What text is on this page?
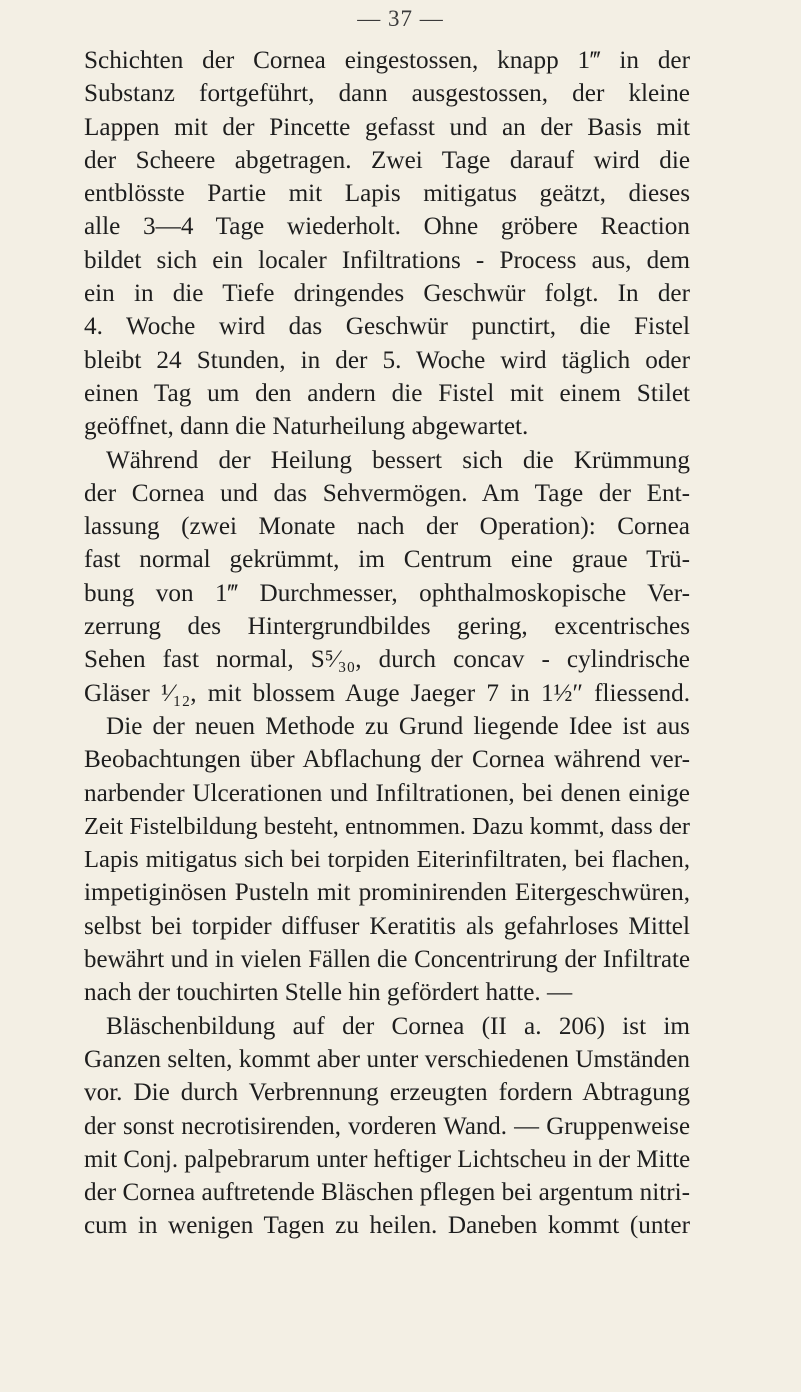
— 37 —
Schichten der Cornea eingestossen, knapp 1‴ in der
Substanz fortgeführt, dann ausgestossen, der kleine
Lappen mit der Pincette gefasst und an der Basis mit
der Scheere abgetragen. Zwei Tage darauf wird die
entblösste Partie mit Lapis mitigatus geätzt, dieses
alle 3—4 Tage wiederholt. Ohne gröbere Reaction
bildet sich ein localer Infiltrations - Process aus, dem
ein in die Tiefe dringendes Geschwür folgt. In der
4. Woche wird das Geschwür punctirt, die Fistel
bleibt 24 Stunden, in der 5. Woche wird täglich oder
einen Tag um den andern die Fistel mit einem Stilet
geöffnet, dann die Naturheilung abgewartet.
Während der Heilung bessert sich die Krümmung
der Cornea und das Sehvermögen. Am Tage der Ent-
lassung (zwei Monate nach der Operation): Cornea
fast normal gekrümmt, im Centrum eine graue Trü-
bung von 1‴ Durchmesser, ophthalmoskopische Ver-
zerrung des Hintergrundbildes gering, excentrisches
Sehen fast normal, S⁵⁄₃₀, durch concav - cylindrische
Gläser ¹⁄₁₂, mit blossem Auge Jaeger 7 in 1½″ fliessend.
Die der neuen Methode zu Grund liegende Idee ist aus
Beobachtungen über Abflachung der Cornea während ver-
narbender Ulcerationen und Infiltrationen, bei denen einige
Zeit Fistelbildung besteht, entnommen. Dazu kommt, dass der
Lapis mitigatus sich bei torpiden Eiterinfiltraten, bei flachen,
impetiginösen Pusteln mit prominirenden Eitergeschwüren,
selbst bei torpider diffuser Keratitis als gefahrloses Mittel
bewährt und in vielen Fällen die Concentrirung der Infiltrate
nach der touchirten Stelle hin gefördert hatte. —
Bläschenbildung auf der Cornea (II a. 206) ist im
Ganzen selten, kommt aber unter verschiedenen Umständen
vor. Die durch Verbrennung erzeugten fordern Abtragung
der sonst necrotisirenden, vorderen Wand. — Gruppenweise
mit Conj. palpebrarum unter heftiger Lichtscheu in der Mitte
der Cornea auftretende Bläschen pflegen bei argentum nitri-
cum in wenigen Tagen zu heilen. Daneben kommt (unter
